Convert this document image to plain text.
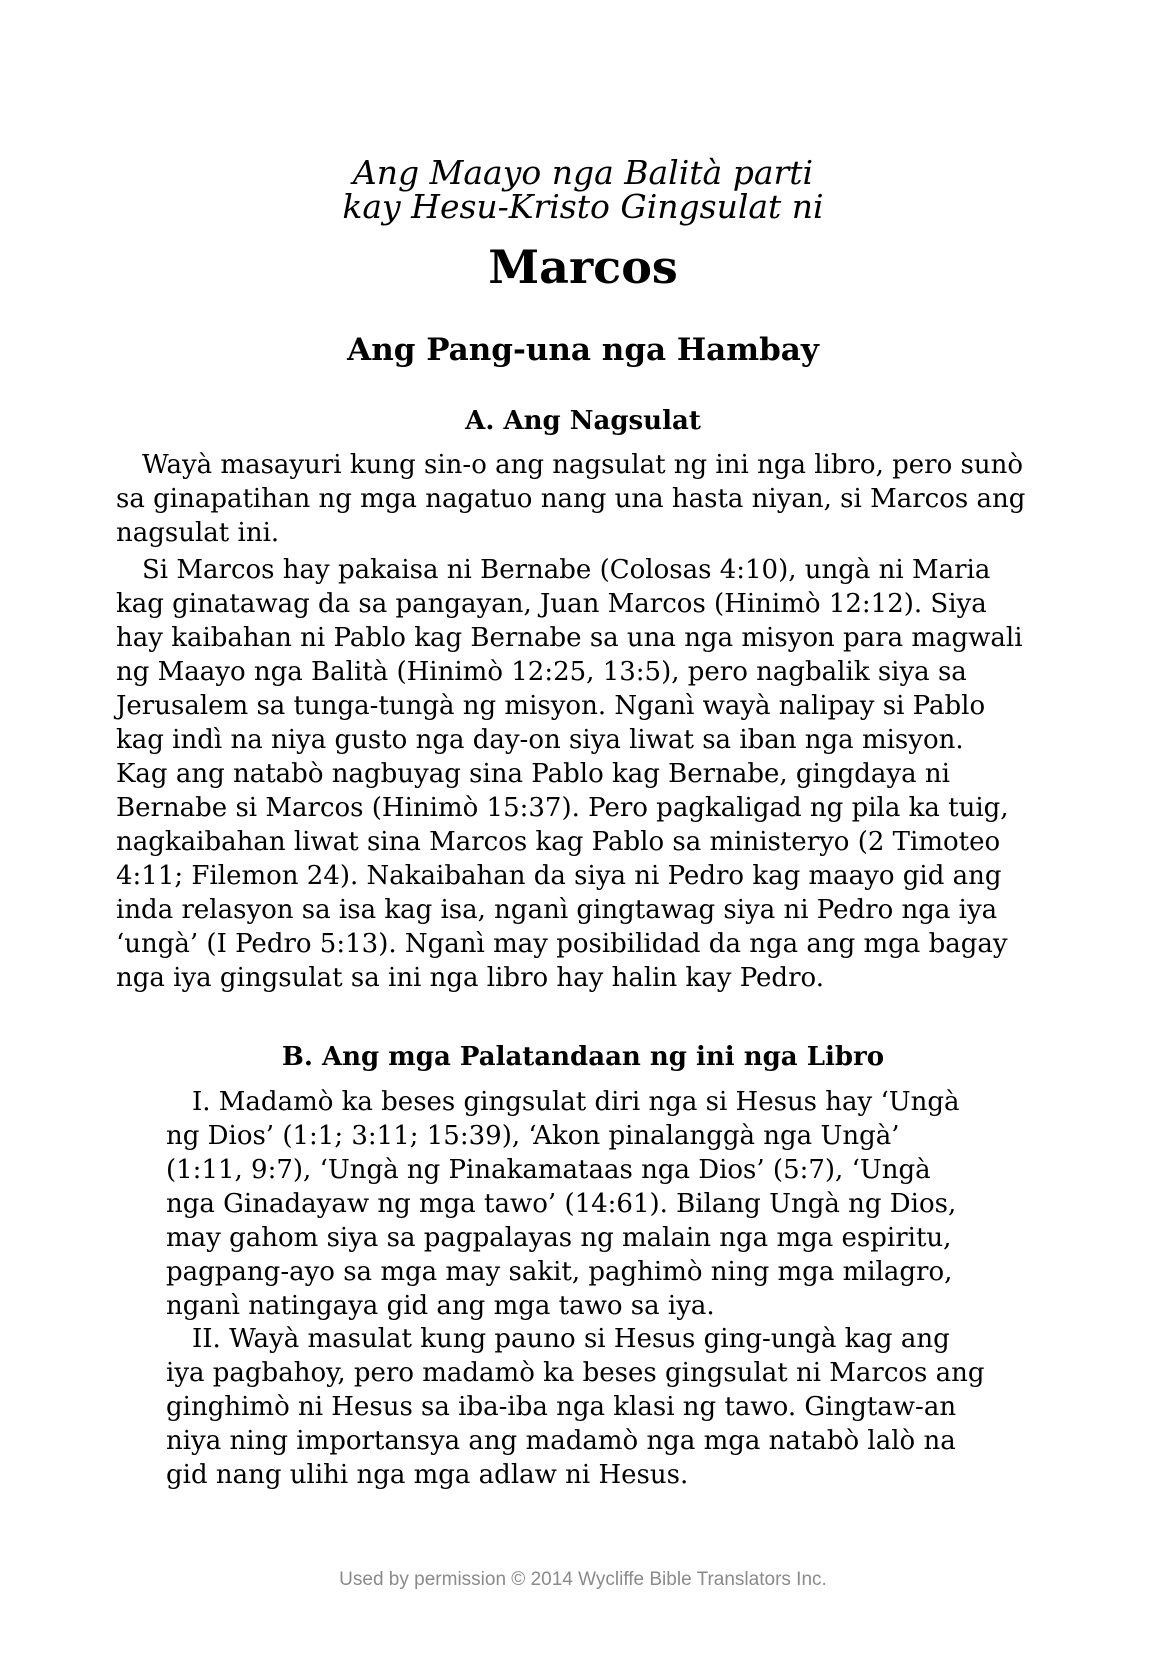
Ang Maayo nga Balità parti
kay Hesu-Kristo Gingsulat ni
Marcos
Ang Pang-una nga Hambay
A. Ang Nagsulat
Wayà masayuri kung sin-o ang nagsulat ng ini nga libro, pero sunò
sa ginapatihan ng mga nagatuo nang una hasta niyan, si Marcos ang
nagsulat ini.
Si Marcos hay pakaisa ni Bernabe (Colosas 4:10), ungà ni Maria
kag ginatawag da sa pangayan, Juan Marcos (Hinimò 12:12). Siya
hay kaibahan ni Pablo kag Bernabe sa una nga misyon para magwali
ng Maayo nga Balità (Hinimò 12:25, 13:5), pero nagbalik siya sa
Jerusalem sa tunga-tungà ng misyon. Nganì wayà nalipay si Pablo
kag indì na niya gusto nga day-on siya liwat sa iban nga misyon.
Kag ang natabò nagbuyag sina Pablo kag Bernabe, gingdaya ni
Bernabe si Marcos (Hinimò 15:37). Pero pagkaligad ng pila ka tuig,
nagkaibahan liwat sina Marcos kag Pablo sa ministeryo (2 Timoteo
4:11; Filemon 24). Nakaibahan da siya ni Pedro kag maayo gid ang
inda relasyon sa isa kag isa, nganì gingtawag siya ni Pedro nga iya
‘ungà’ (I Pedro 5:13). Nganì may posibilidad da nga ang mga bagay
nga iya gingsulat sa ini nga libro hay halin kay Pedro.
B. Ang mga Palatandaan ng ini nga Libro
I. Madamò ka beses gingsulat diri nga si Hesus hay ‘Ungà
ng Dios’ (1:1; 3:11; 15:39), ‘Akon pinalanggà nga Ungà’
(1:11, 9:7), ‘Ungà ng Pinakamataas nga Dios’ (5:7), ‘Ungà
nga Ginadayaw ng mga tawo’ (14:61). Bilang Ungà ng Dios,
may gahom siya sa pagpalayas ng malain nga mga espiritu,
pagpang-ayo sa mga may sakit, paghimò ning mga milagro,
nganì natingaya gid ang mga tawo sa iya.
II. Wayà masulat kung pauno si Hesus ging-ungà kag ang
iya pagbahoy, pero madamò ka beses gingsulat ni Marcos ang
ginghimò ni Hesus sa iba-iba nga klasi ng tawo. Gingtaw-an
niya ning importansya ang madamò nga mga natabò lalò na
gid nang ulihi nga mga adlaw ni Hesus.
Used by permission © 2014 Wycliffe Bible Translators Inc.
